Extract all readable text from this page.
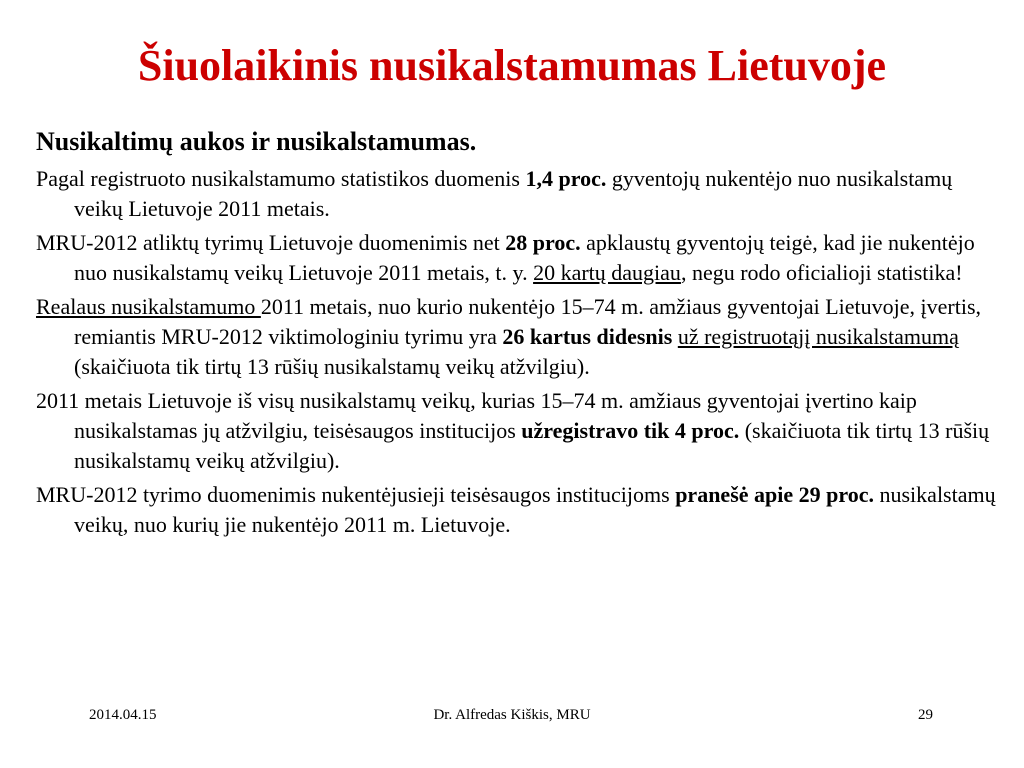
Šiuolaikinis nusikalstamumas Lietuvoje
Nusikaltimų aukos ir nusikalstamumas.
Pagal registruoto nusikalstamumo statistikos duomenis 1,4 proc. gyventojų nukentėjo nuo nusikalstamų veikų Lietuvoje 2011 metais.
MRU-2012 atliktų tyrimų Lietuvoje duomenimis net 28 proc. apklaustų gyventojų teigė, kad jie nukentėjo nuo nusikalstamų veikų Lietuvoje 2011 metais, t. y. 20 kartų daugiau, negu rodo oficialioji statistika!
Realaus nusikalstamumo 2011 metais, nuo kurio nukentėjo 15–74 m. amžiaus gyventojai Lietuvoje, įvertis, remiantis MRU-2012 viktimologiniu tyrimu yra 26 kartus didesnis už registruotąjį nusikalstamumą (skaičiuota tik tirtų 13 rūšių nusikalstamų veikų atžvilgiu).
2011 metais Lietuvoje iš visų nusikalstamų veikų, kurias 15–74 m. amžiaus gyventojai įvertino kaip nusikalstamas jų atžvilgiu, teisėsaugos institucijos užregistravo tik 4 proc. (skaičiuota tik tirtų 13 rūšių nusikalstamų veikų atžvilgiu).
MRU-2012 tyrimo duomenimis nukentėjusieji teisėsaugos institucijoms pranešė apie 29 proc. nusikalstamų veikų, nuo kurių jie nukentėjo 2011 m. Lietuvoje.
2014.04.15	Dr. Alfredas Kiškis, MRU	29
